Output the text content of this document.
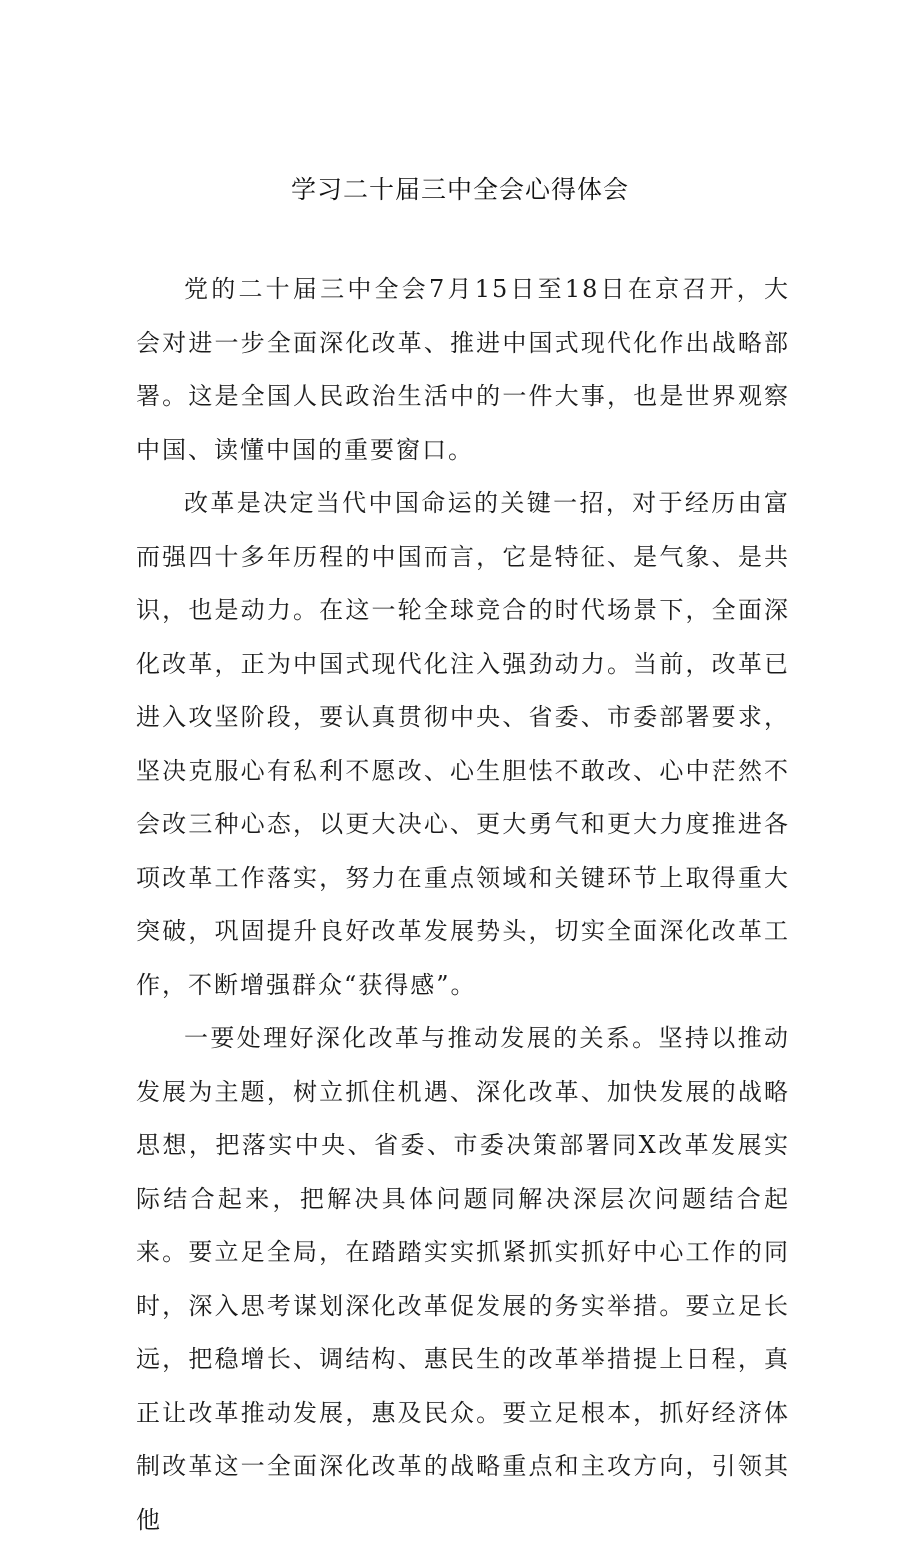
学习二十届三中全会心得体会

党的二十届三中全会7月15日至18日在京召开，大会对进一步全面深化改革、推进中国式现代化作出战略部署。这是全国人民政治生活中的一件大事，也是世界观察中国、读懂中国的重要窗口。

改革是决定当代中国命运的关键一招，对于经历由富而强四十多年历程的中国而言，它是特征、是气象、是共识，也是动力。在这一轮全球竞合的时代场景下，全面深化改革，正为中国式现代化注入强劲动力。当前，改革已进入攻坚阶段，要认真贯彻中央、省委、市委部署要求，坚决克服心有私利不愿改、心生胆怯不敢改、心中茫然不会改三种心态，以更大决心、更大勇气和更大力度推进各项改革工作落实，努力在重点领域和关键环节上取得重大突破，巩固提升良好改革发展势头，切实全面深化改革工作，不断增强群众“获得感”。

一要处理好深化改革与推动发展的关系。坚持以推动发展为主题，树立抓住机遇、深化改革、加快发展的战略思想，把落实中央、省委、市委决策部署同X改革发展实际结合起来，把解决具体问题同解决深层次问题结合起来。要立足全局，在踏踏实实抓紧抓实抓好中心工作的同时，深入思考谋划深化改革促发展的务实举措。要立足长远，把稳增长、调结构、惠民生的改革举措提上日程，真正让改革推动发展，惠及民众。要立足根本，抓好经济体制改革这一全面深化改革的战略重点和主攻方向，引领其他
